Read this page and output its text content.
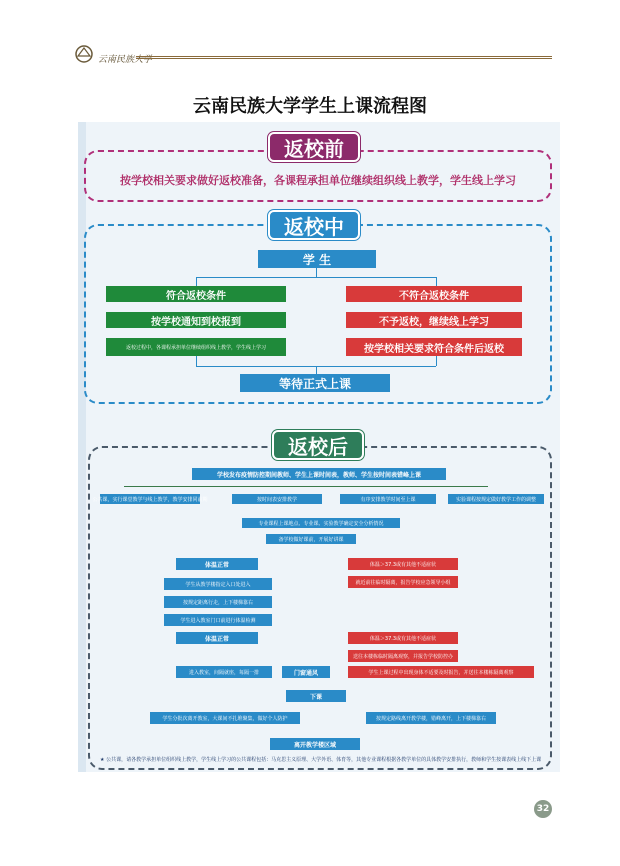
云南民族大学
云南民族大学学生上课流程图
返校前
按学校相关要求做好返校准备，各课程承担单位继续组织线上教学，学生线上学习
返校中
学 生
符合返校条件
按学校通知到校报到
返校过程中，各课程承担单位继续组织线上教学，学生线上学习
不符合返校条件
不予返校，继续线上学习
按学校相关要求符合条件后返校
等待正式上课
返校后
学校发布疫情防控期间教师、学生上课时间表，教师、学生按时间表错峰上课
公共课，实行课堂教学与线上教学，教学安排同前期	按时间表安排教学	有序安排教学时间至上课	实验课程按规定做好教学工作的调整
专业课程上课地点、专业课、实验教学确定安全分析情况
备学校做好课前，开展好讲课
体温正常	体温＞37.3或有其他不适症状
就近前往临时隔离，报告学校应急领导小组
学生从教学楼指定入口处进入
按规定距离行走，上下楼梯靠右
学生进入教室门口前进行体温检测
体温正常	体温＞37.3或有其他不适症状
送往本楼栋临时隔离观察，并报告学校防控办
进入教室，间隔就座，每隔一排	门窗通风	学生上课过程中出现身体不适要及时报告，并送往本楼栋隔离观察
下课
学生分批次离开教室，大课间不扎堆聚集，做好个人防护	按规定路线离开教学楼，错峰离开，上下楼梯靠右
离开教学楼区域
★ 公共课，请各教学承担单位组织线上教学，学生线上学习的公共课程包括：马克思主义原理、大学外语、体育等，其他专业课程根据各教学单位的具体教学安排执行，教师和学生按课表线上线下上课
32
